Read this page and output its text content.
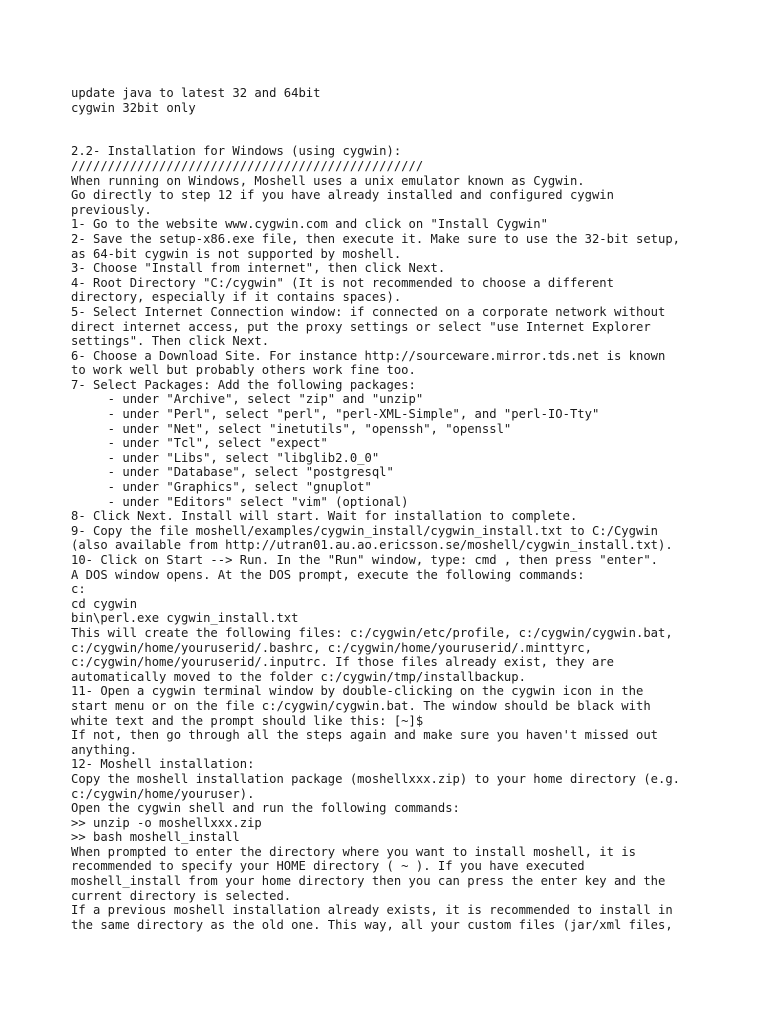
update java to latest 32 and 64bit
cygwin 32bit only
2.2- Installation for Windows (using cygwin):
////////////////////////////////////////////////
When running on Windows, Moshell uses a unix emulator known as Cygwin.
Go directly to step 12 if you have already installed and configured cygwin
previously.
1- Go to the website www.cygwin.com and click on "Install Cygwin"
2- Save the setup-x86.exe file, then execute it. Make sure to use the 32-bit setup,
as 64-bit cygwin is not supported by moshell.
3- Choose "Install from internet", then click Next.
4- Root Directory "C:/cygwin" (It is not recommended to choose a different
directory, especially if it contains spaces).
5- Select Internet Connection window: if connected on a corporate network without
direct internet access, put the proxy settings or select "use Internet Explorer
settings". Then click Next.
6- Choose a Download Site. For instance http://sourceware.mirror.tds.net is known
to work well but probably others work fine too.
7- Select Packages: Add the following packages:
- under "Archive", select "zip" and "unzip"
- under "Perl", select "perl", "perl-XML-Simple", and "perl-IO-Tty"
- under "Net", select "inetutils", "openssh", "openssl"
- under "Tcl", select "expect"
- under "Libs", select "libglib2.0_0"
- under "Database", select "postgresql"
- under "Graphics", select "gnuplot"
- under "Editors" select "vim" (optional)
8- Click Next. Install will start. Wait for installation to complete.
9- Copy the file moshell/examples/cygwin_install/cygwin_install.txt to C:/Cygwin
(also available from http://utran01.au.ao.ericsson.se/moshell/cygwin_install.txt).
10- Click on Start --> Run. In the "Run" window, type: cmd , then press "enter".
A DOS window opens. At the DOS prompt, execute the following commands:
c:
cd cygwin
bin\perl.exe cygwin_install.txt
This will create the following files: c:/cygwin/etc/profile, c:/cygwin/cygwin.bat,
c:/cygwin/home/youruserid/.bashrc, c:/cygwin/home/youruserid/.minttyrc,
c:/cygwin/home/youruserid/.inputrc. If those files already exist, they are
automatically moved to the folder c:/cygwin/tmp/installbackup.
11- Open a cygwin terminal window by double-clicking on the cygwin icon in the
start menu or on the file c:/cygwin/cygwin.bat. The window should be black with
white text and the prompt should like this: [~]$
If not, then go through all the steps again and make sure you haven't missed out
anything.
12- Moshell installation:
Copy the moshell installation package (moshellxxx.zip) to your home directory (e.g.
c:/cygwin/home/youruser).
Open the cygwin shell and run the following commands:
>> unzip -o moshellxxx.zip
>> bash moshell_install
When prompted to enter the directory where you want to install moshell, it is
recommended to specify your HOME directory ( ~ ). If you have executed
moshell_install from your home directory then you can press the enter key and the
current directory is selected.
If a previous moshell installation already exists, it is recommended to install in
the same directory as the old one. This way, all your custom files (jar/xml files,
